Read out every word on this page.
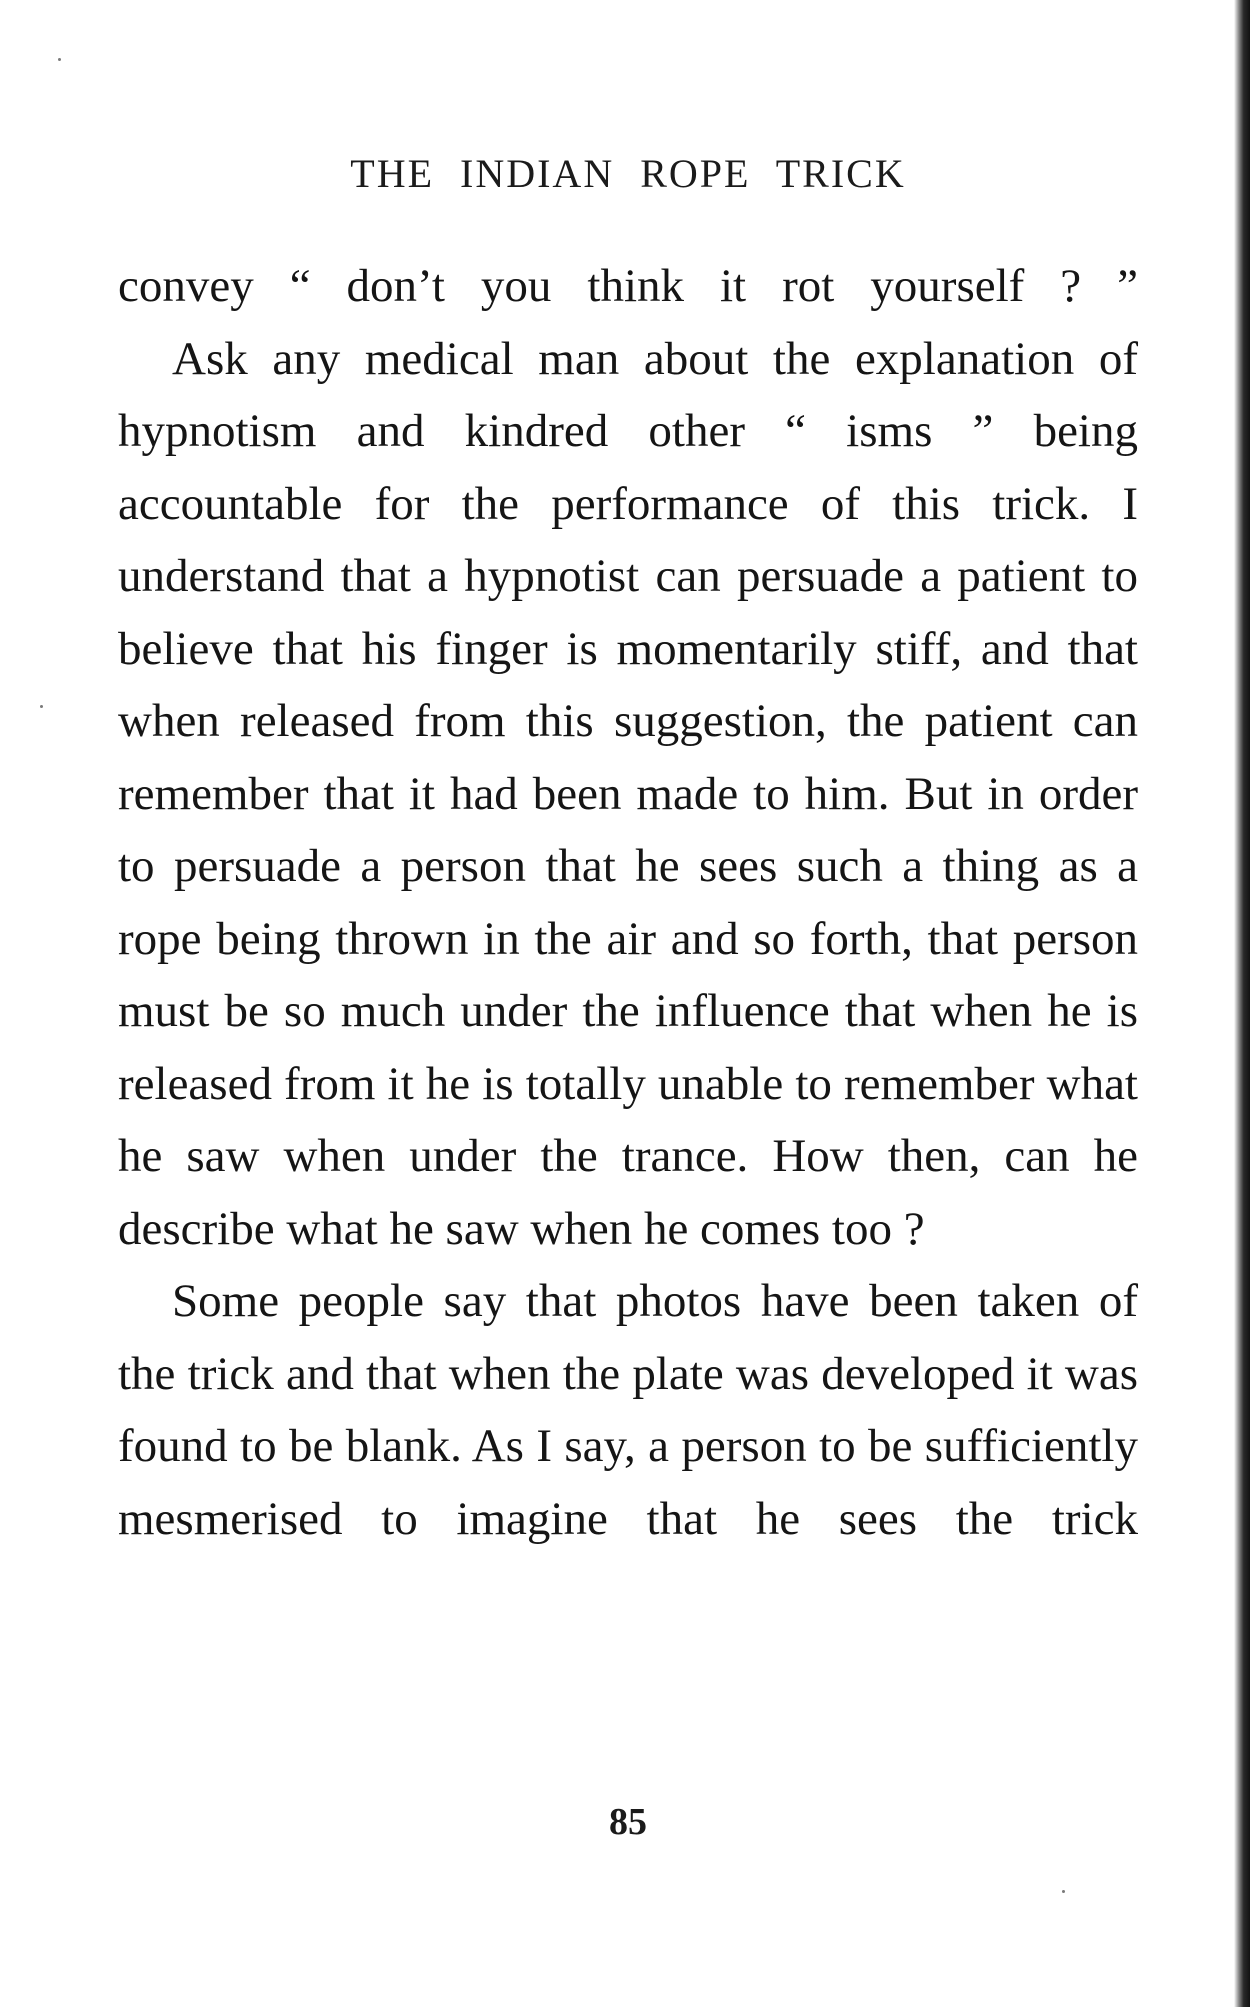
THE INDIAN ROPE TRICK

convey “ don’t you think it rot yourself ? ”

Ask any medical man about the explanation of hypnotism and kindred other “ isms ” being accountable for the performance of this trick. I understand that a hypnotist can persuade a patient to believe that his finger is momentarily stiff, and that when released from this suggestion, the patient can remember that it had been made to him. But in order to persuade a person that he sees such a thing as a rope being thrown in the air and so forth, that person must be so much under the influence that when he is released from it he is totally unable to remember what he saw when under the trance. How then, can he describe what he saw when he comes too ?

Some people say that photos have been taken of the trick and that when the plate was developed it was found to be blank. As I say, a person to be sufficiently mesmerised to imagine that he sees the trick

85
